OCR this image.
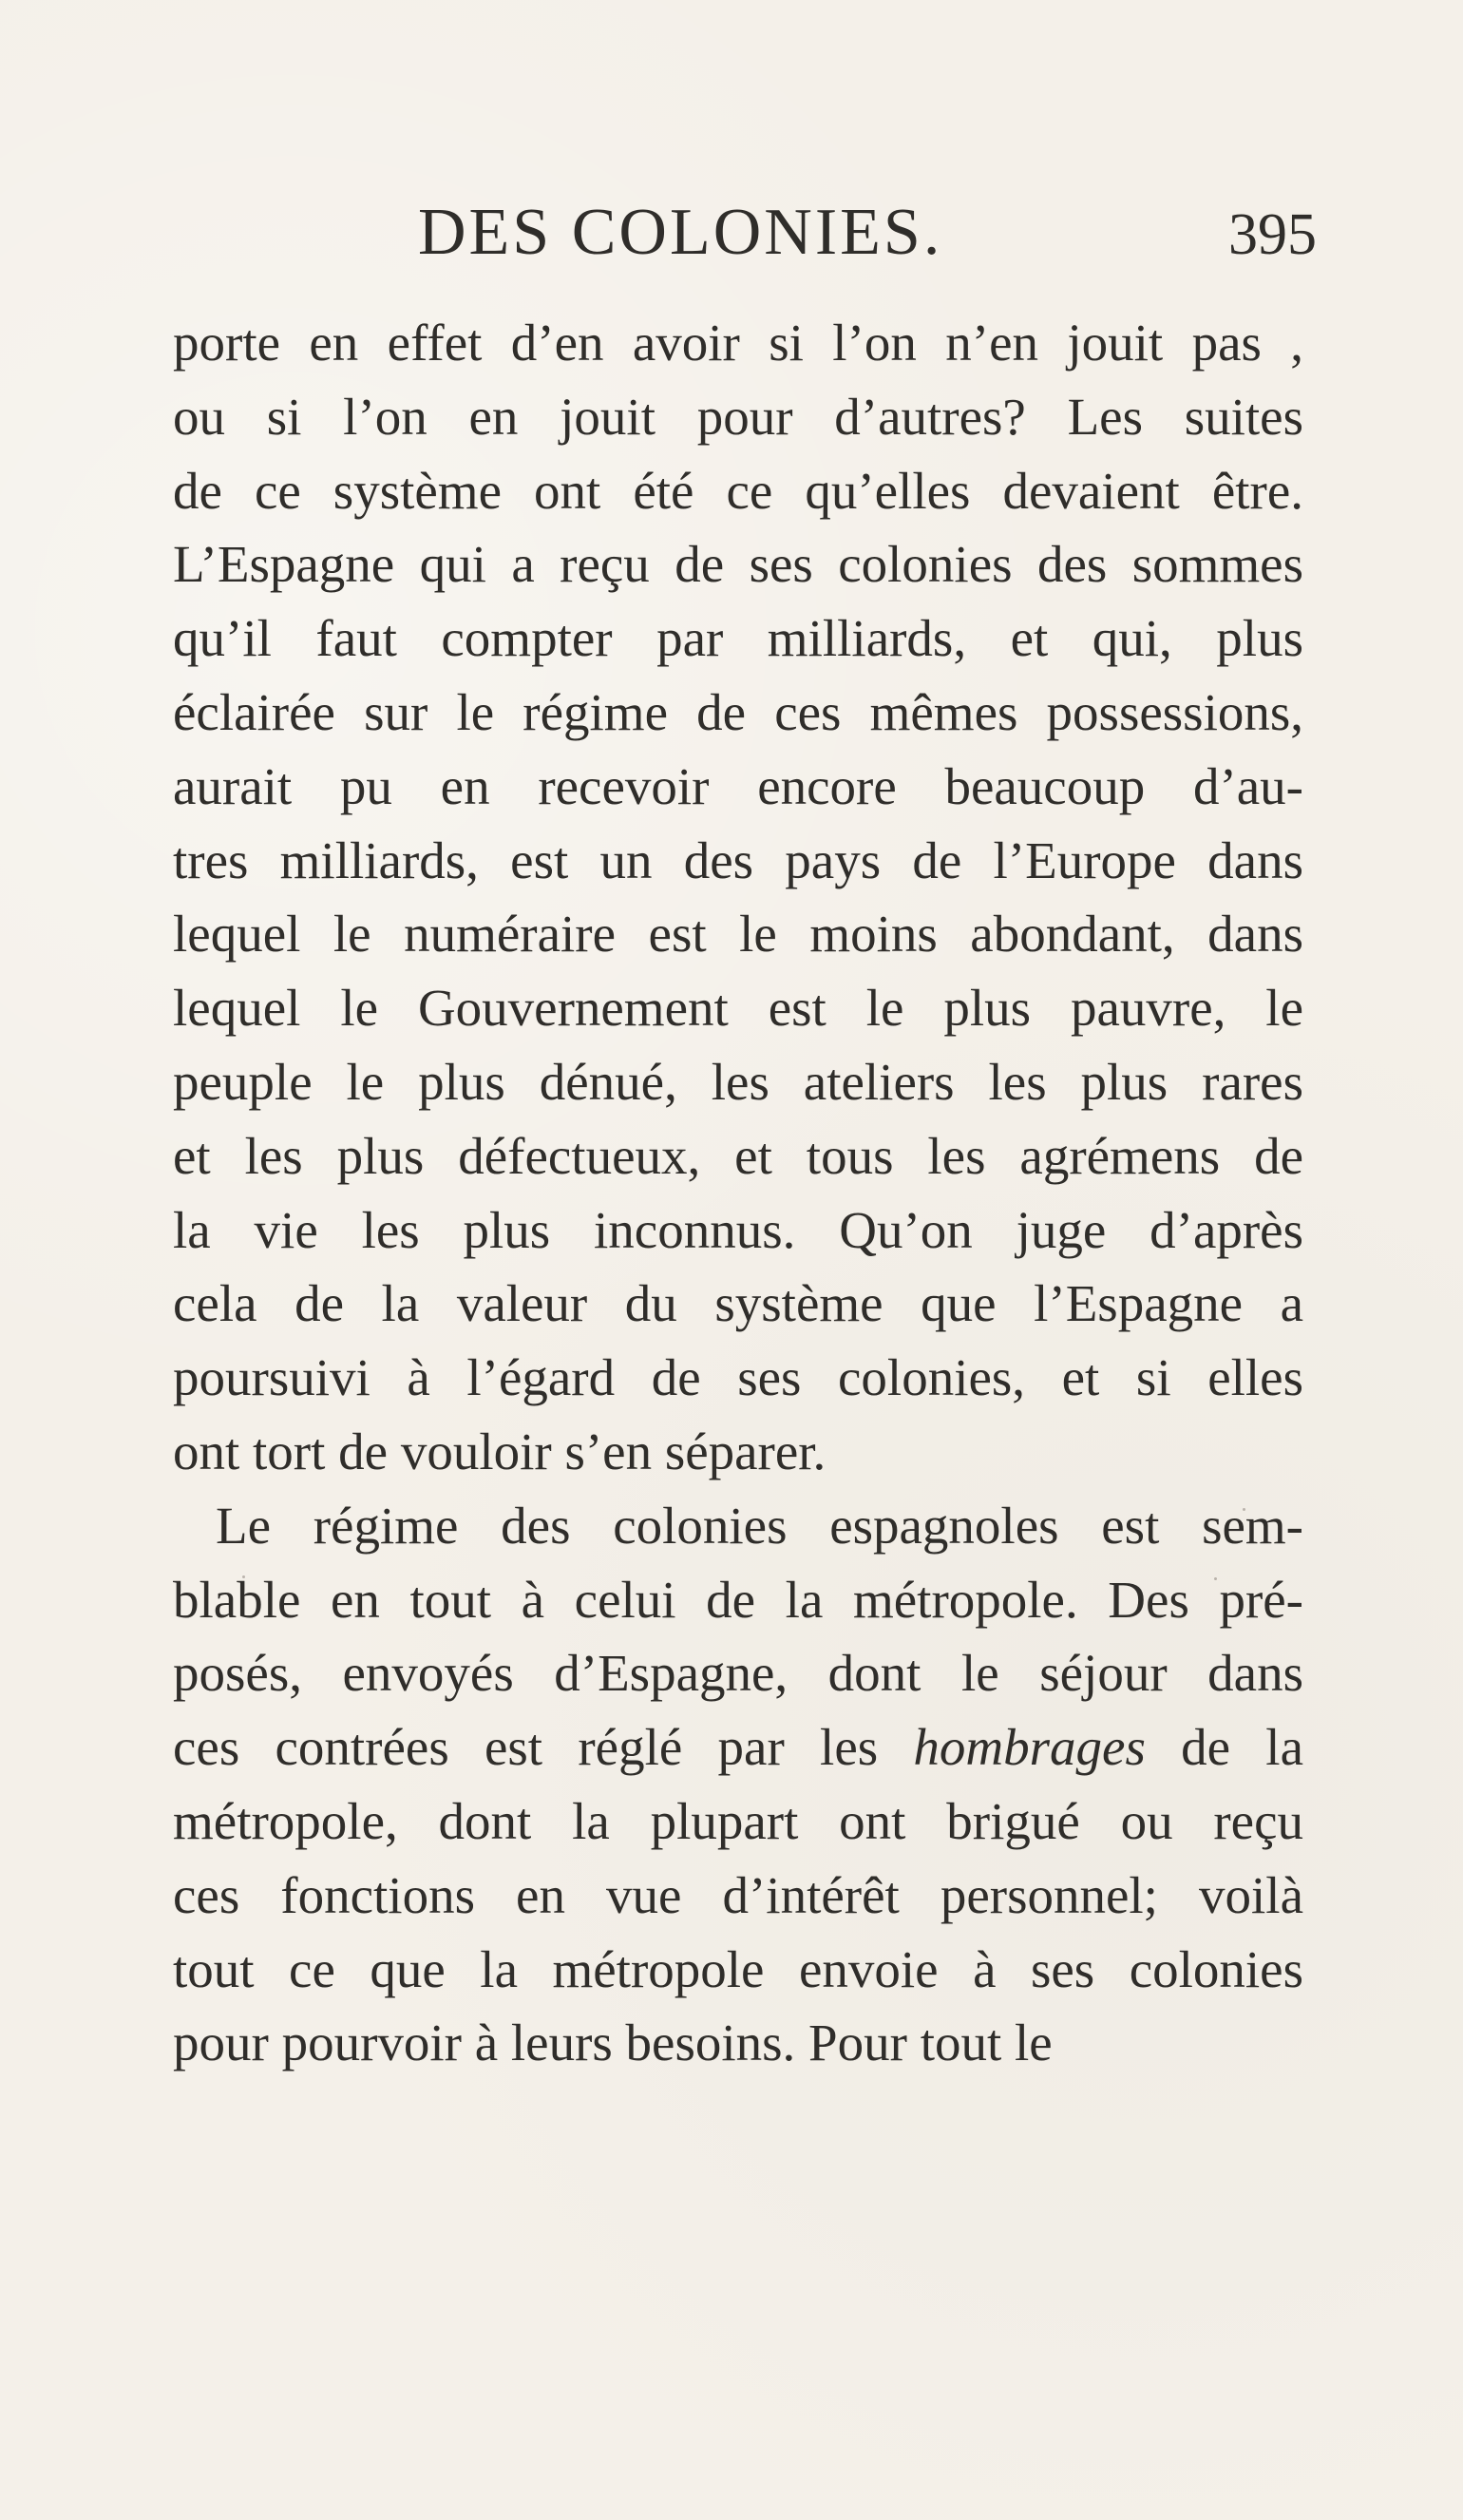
DES COLONIES.	395
porte en effet d’en avoir si l’on n’en jouit pas ,
ou si l’on en jouit pour d’autres? Les suites
de ce système ont été ce qu’elles devaient être.
L’Espagne qui a reçu de ses colonies des sommes
qu’il faut compter par milliards, et qui, plus
éclairée sur le régime de ces mêmes possessions,
aurait pu en recevoir encore beaucoup d’au-
tres milliards, est un des pays de l’Europe dans
lequel le numéraire est le moins abondant, dans
lequel le Gouvernement est le plus pauvre, le
peuple le plus dénué, les ateliers les plus rares
et les plus défectueux, et tous les agrémens de
la vie les plus inconnus. Qu’on juge d’après
cela de la valeur du système que l’Espagne a
poursuivi à l’égard de ses colonies, et si elles
ont tort de vouloir s’en séparer.
Le régime des colonies espagnoles est sem-
blable en tout à celui de la métropole. Des pré-
posés, envoyés d’Espagne, dont le séjour dans
ces contrées est réglé par les hombrages de la
métropole, dont la plupart ont brigué ou reçu
ces fonctions en vue d’intérêt personnel; voilà
tout ce que la métropole envoie à ses colonies
pour pourvoir à leurs besoins. Pour tout le
